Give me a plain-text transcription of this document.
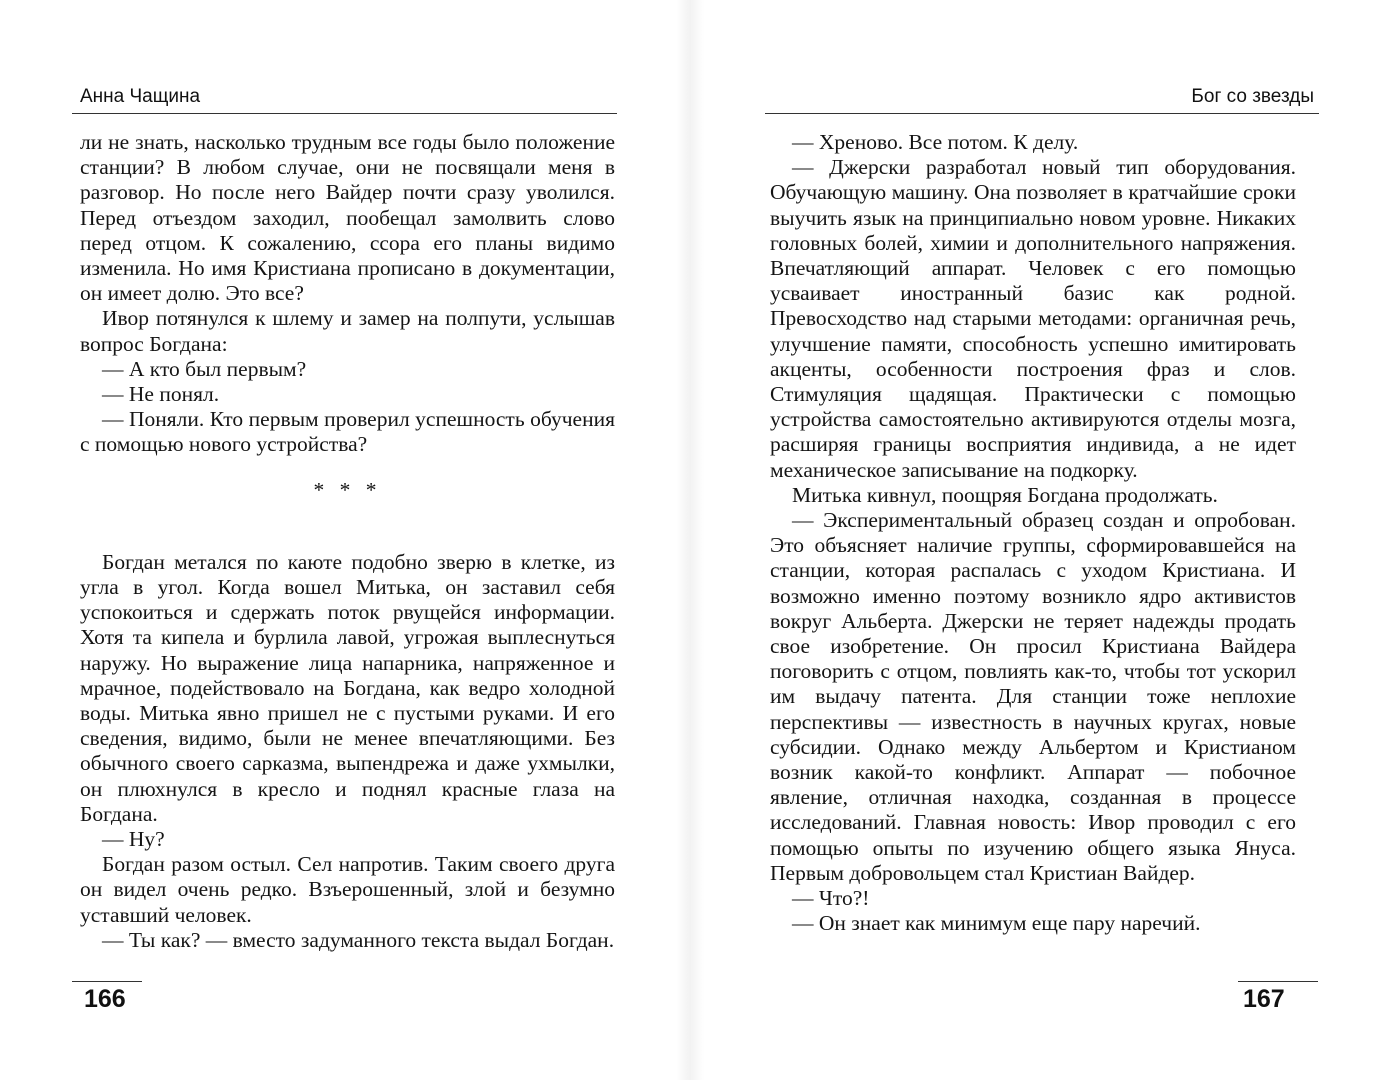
Анна Чащина

ли не знать, насколько трудным все годы было положение станции? В любом случае, они не посвящали меня в разговор. Но после него Вайдер почти сразу уволился. Перед отъездом заходил, пообещал замолвить слово перед отцом. К сожалению, ссора его планы видимо изменила. Но имя Кристиана прописано в документации, он имеет долю. Это все?

Ивор потянулся к шлему и замер на полпути, услышав вопрос Богдана:

— А кто был первым?

— Не понял.

— Поняли. Кто первым проверил успешность обучения с помощью нового устройства?

* * *

Богдан метался по каюте подобно зверю в клетке, из угла в угол. Когда вошел Митька, он заставил себя успокоиться и сдержать поток рвущейся информации. Хотя та кипела и бурлила лавой, угрожая выплеснуться наружу. Но выражение лица напарника, напряженное и мрачное, подействовало на Богдана, как ведро холодной воды. Митька явно пришел не с пустыми руками. И его сведения, видимо, были не менее впечатляющими. Без обычного своего сарказма, выпендрежа и даже ухмылки, он плюхнулся в кресло и поднял красные глаза на Богдана.

— Ну?

Богдан разом остыл. Сел напротив. Таким своего друга он видел очень редко. Взъерошенный, злой и безумно уставший человек.

— Ты как? — вместо задуманного текста выдал Богдан.

166
Бог со звезды

— Хреново. Все потом. К делу.

— Джерски разработал новый тип оборудования. Обучающую машину. Она позволяет в кратчайшие сроки выучить язык на принципиально новом уровне. Никаких головных болей, химии и дополнительного напряжения. Впечатляющий аппарат. Человек с его помощью усваивает иностранный базис как родной. Превосходство над старыми методами: органичная речь, улучшение памяти, способность успешно имитировать акценты, особенности построения фраз и слов. Стимуляция щадящая. Практически с помощью устройства самостоятельно активируются отделы мозга, расширяя границы восприятия индивида, а не идет механическое записывание на подкорку.

Митька кивнул, поощряя Богдана продолжать.

— Экспериментальный образец создан и опробован. Это объясняет наличие группы, сформировавшейся на станции, которая распалась с уходом Кристиана. И возможно именно поэтому возникло ядро активистов вокруг Альберта. Джерски не теряет надежды продать свое изобретение. Он просил Кристиана Вайдера поговорить с отцом, повлиять как-то, чтобы тот ускорил им выдачу патента. Для станции тоже неплохие перспективы — известность в научных кругах, новые субсидии. Однако между Альбертом и Кристианом возник какой-то конфликт. Аппарат — побочное явление, отличная находка, созданная в процессе исследований. Главная новость: Ивор проводил с его помощью опыты по изучению общего языка Януса. Первым добровольцем стал Кристиан Вайдер.

— Что?!

— Он знает как минимум еще пару наречий.

167
